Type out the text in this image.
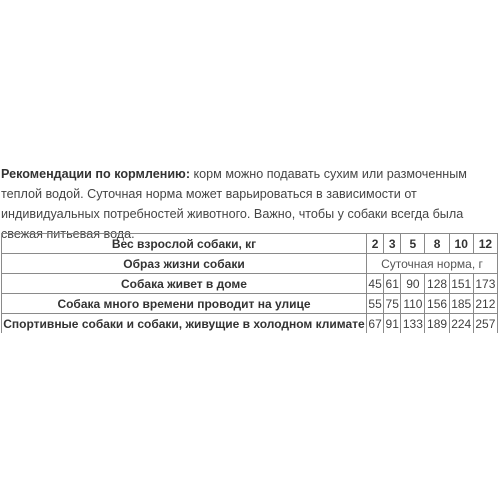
Рекомендации по кормлению: корм можно подавать сухим или размоченным теплой водой. Суточная норма может варьироваться в зависимости от индивидуальных потребностей животного. Важно, чтобы у собаки всегда была свежая питьевая вода.
Вес взрослой собаки, кг	2	3	5	8	10	12
Образ жизни собаки	Суточная норма, г					
Собака живет в доме	45	61	90	128	151	173
Собака много времени проводит на улице	55	75	110	156	185	212
Спортивные собаки и собаки, живущие в холодном климате	67	91	133	189	224	257
